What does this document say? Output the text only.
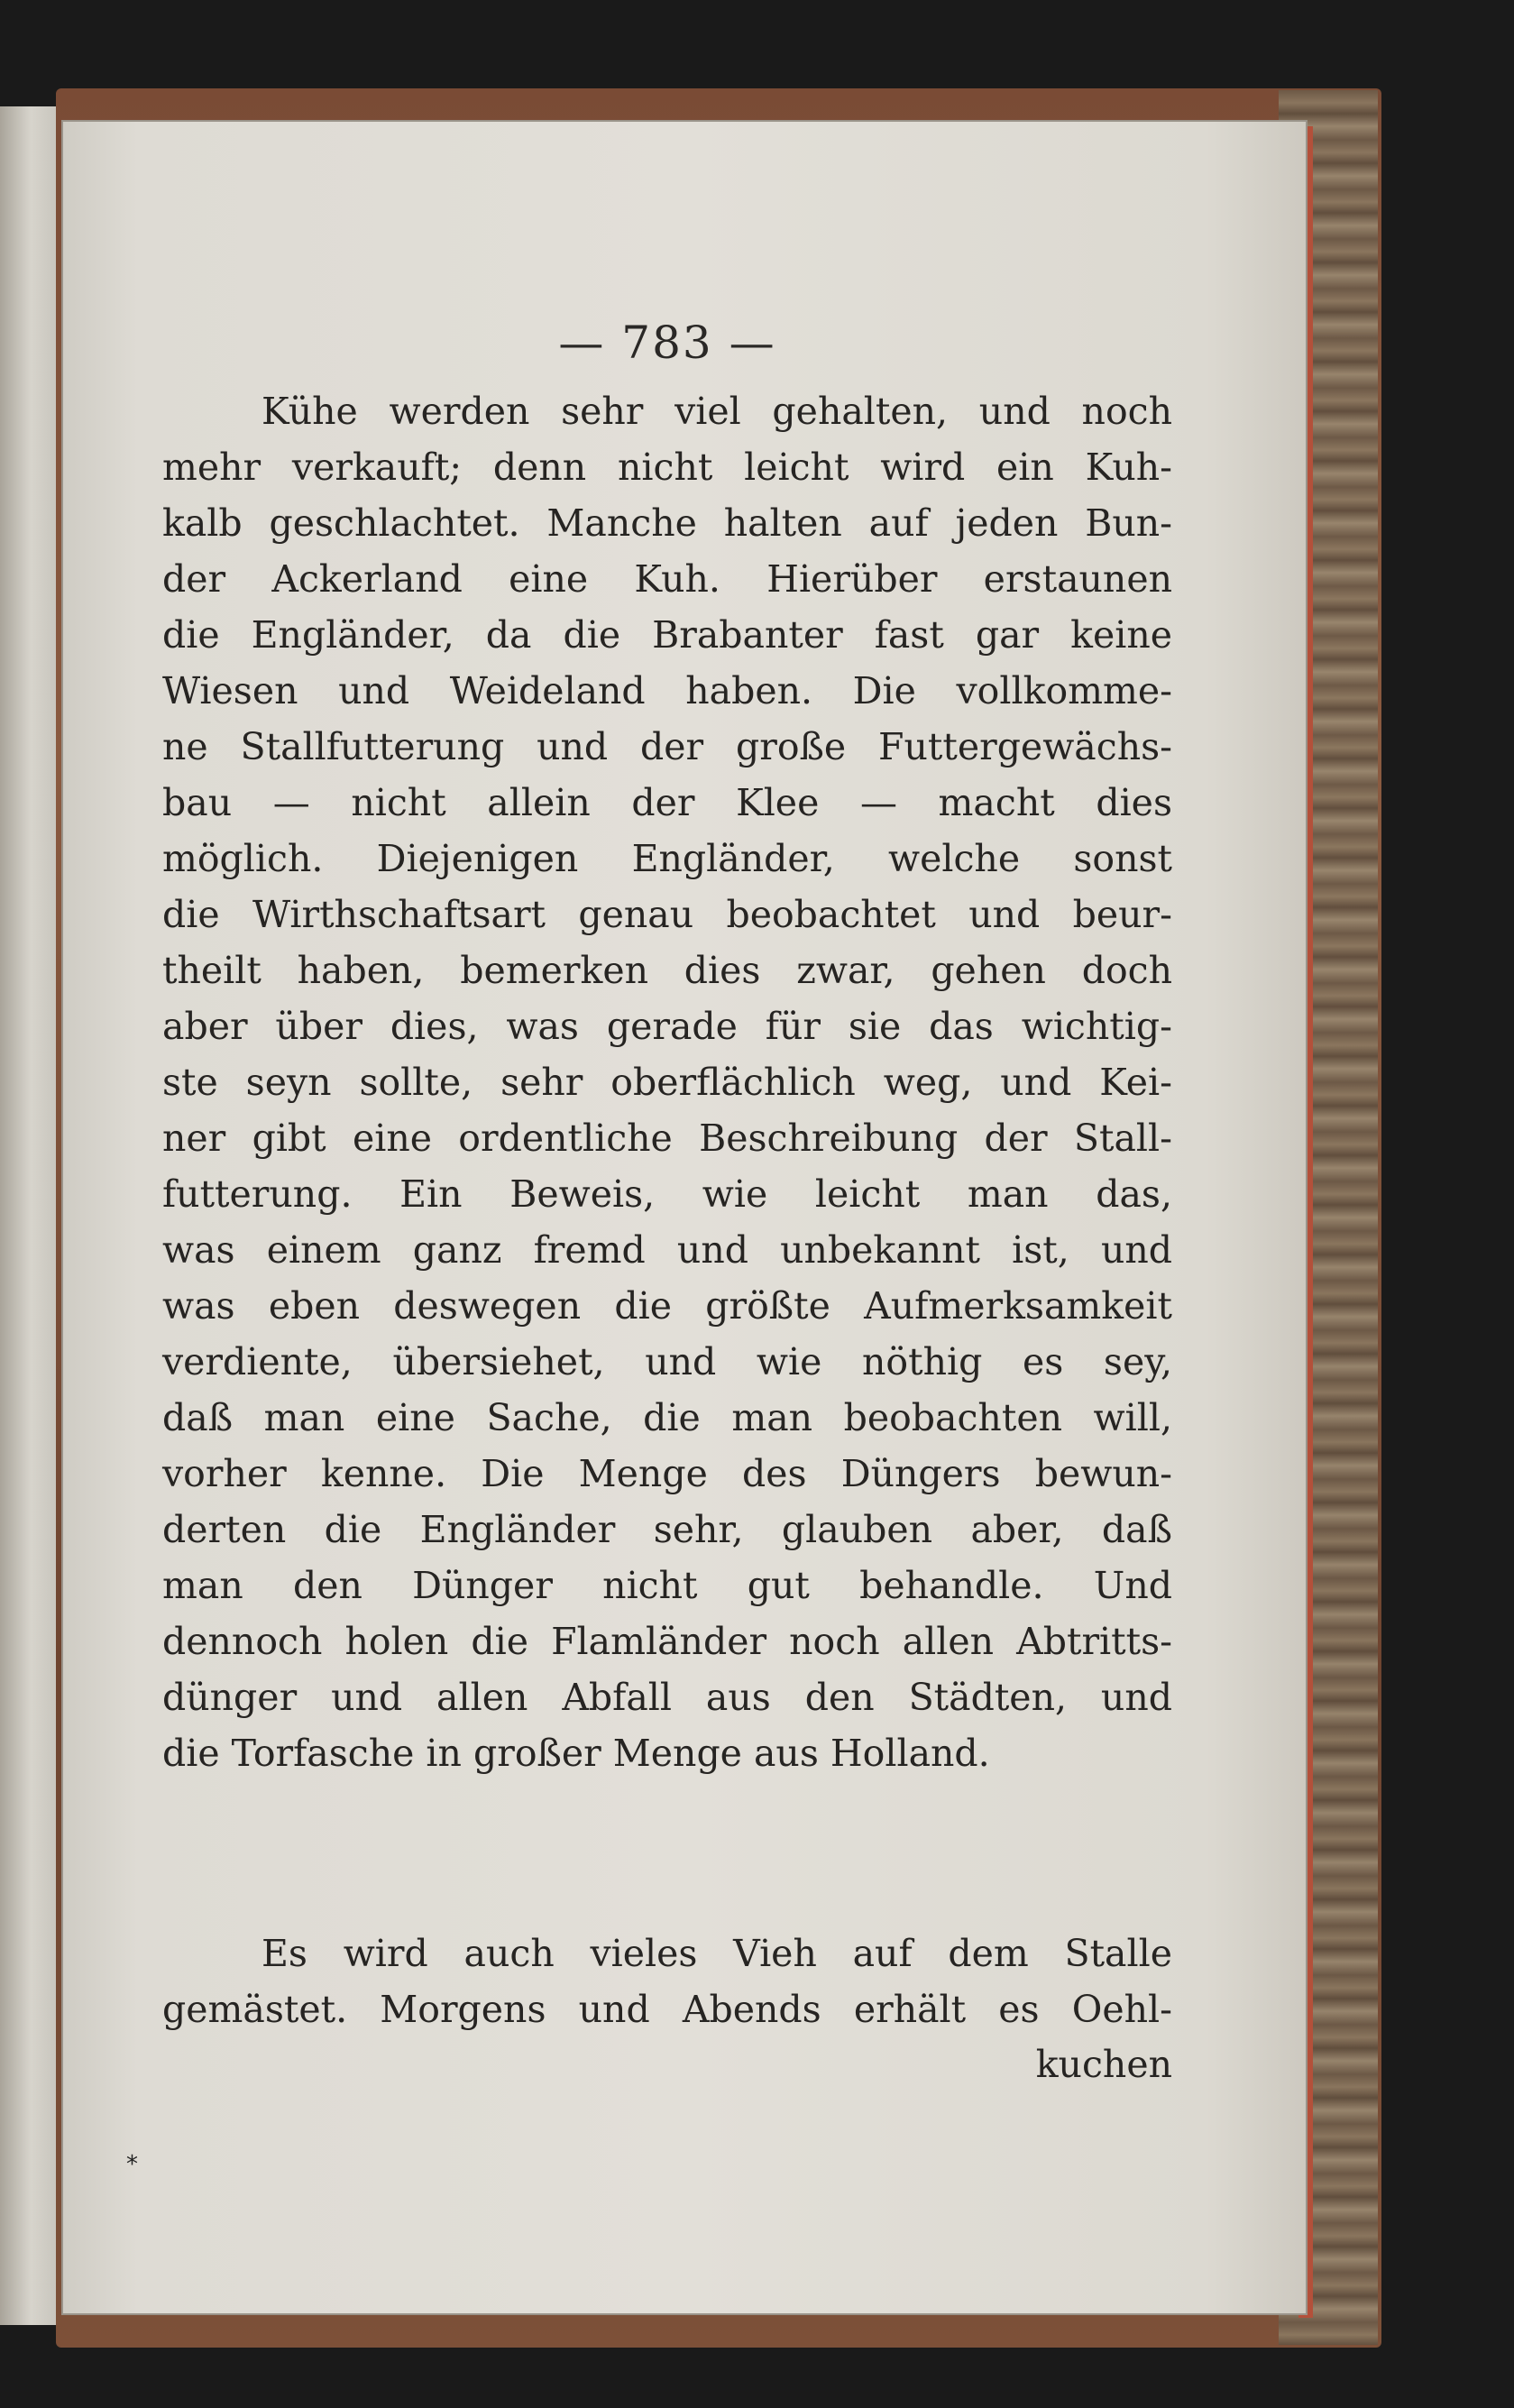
— 783 —
Kühe werden sehr viel gehalten, und noch
mehr verkauft; denn nicht leicht wird ein Kuh-
kalb geschlachtet. Manche halten auf jeden Bun-
der Ackerland eine Kuh. Hierüber erstaunen
die Engländer, da die Brabanter fast gar keine
Wiesen und Weideland haben. Die vollkomme-
ne Stallfutterung und der große Futtergewächs-
bau — nicht allein der Klee — macht dies
möglich. Diejenigen Engländer, welche sonst
die Wirthschaftsart genau beobachtet und beur-
theilt haben, bemerken dies zwar, gehen doch
aber über dies, was gerade für sie das wichtig-
ste seyn sollte, sehr oberflächlich weg, und Kei-
ner gibt eine ordentliche Beschreibung der Stall-
futterung. Ein Beweis, wie leicht man das,
was einem ganz fremd und unbekannt ist, und
was eben deswegen die größte Aufmerksamkeit
verdiente, übersiehet, und wie nöthig es sey,
daß man eine Sache, die man beobachten will,
vorher kenne. Die Menge des Düngers bewun-
derten die Engländer sehr, glauben aber, daß
man den Dünger nicht gut behandle. Und
dennoch holen die Flamländer noch allen Abtritts-
dünger und allen Abfall aus den Städten, und
die Torfasche in großer Menge aus Holland.
Es wird auch vieles Vieh auf dem Stalle
gemästet. Morgens und Abends erhält es Oehl-
kuchen
*
